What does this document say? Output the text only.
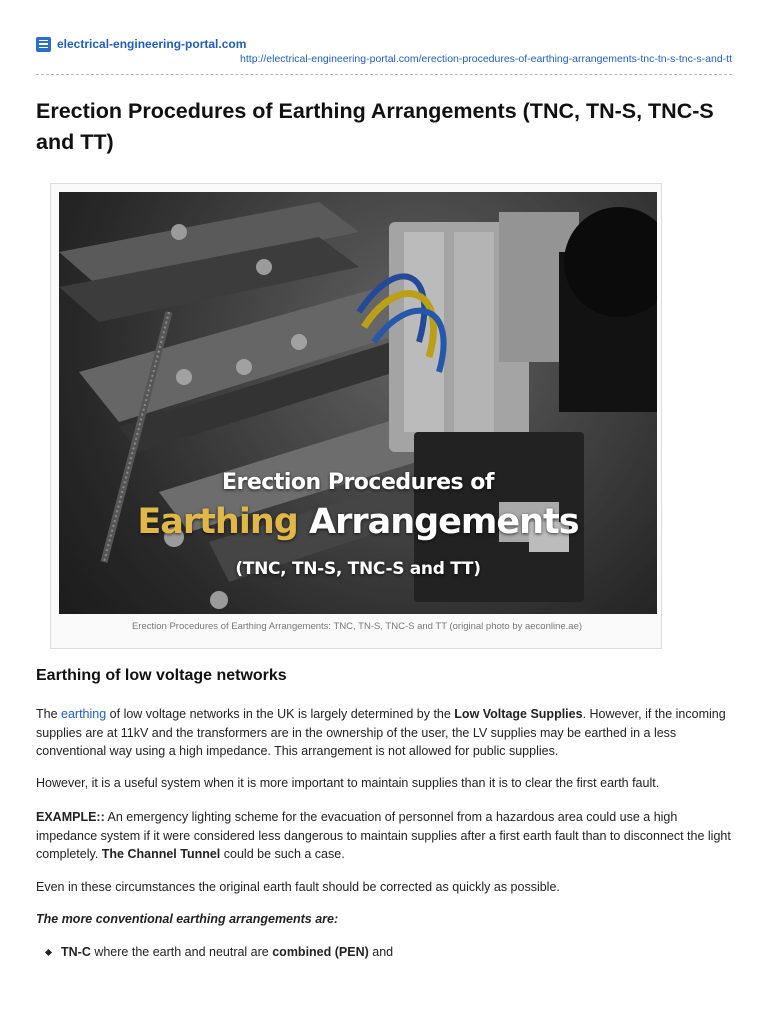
electrical-engineering-portal.com
http://electrical-engineering-portal.com/erection-procedures-of-earthing-arrangements-tnc-tn-s-tnc-s-and-tt
Erection Procedures of Earthing Arrangements (TNC, TN-S, TNC-S and TT)
Erection Procedures of
Earthing Arrangements
(TNC, TN-S, TNC-S and TT)
Erection Procedures of Earthing Arrangements: TNC, TN-S, TNC-S and TT (original photo by aeconline.ae)
Earthing of low voltage networks

The earthing of low voltage networks in the UK is largely determined by the Low Voltage Supplies. However, if the incoming supplies are at 11kV and the transformers are in the ownership of the user, the LV supplies may be earthed in a less conventional way using a high impedance. This arrangement is not allowed for public supplies.

However, it is a useful system when it is more important to maintain supplies than it is to clear the first earth fault.

EXAMPLE:: An emergency lighting scheme for the evacuation of personnel from a hazardous area could use a high impedance system if it were considered less dangerous to maintain supplies after a first earth fault than to disconnect the light completely. The Channel Tunnel could be such a case.

Even in these circumstances the original earth fault should be corrected as quickly as possible.

The more conventional earthing arrangements are:

TN-C where the earth and neutral are combined (PEN) and
